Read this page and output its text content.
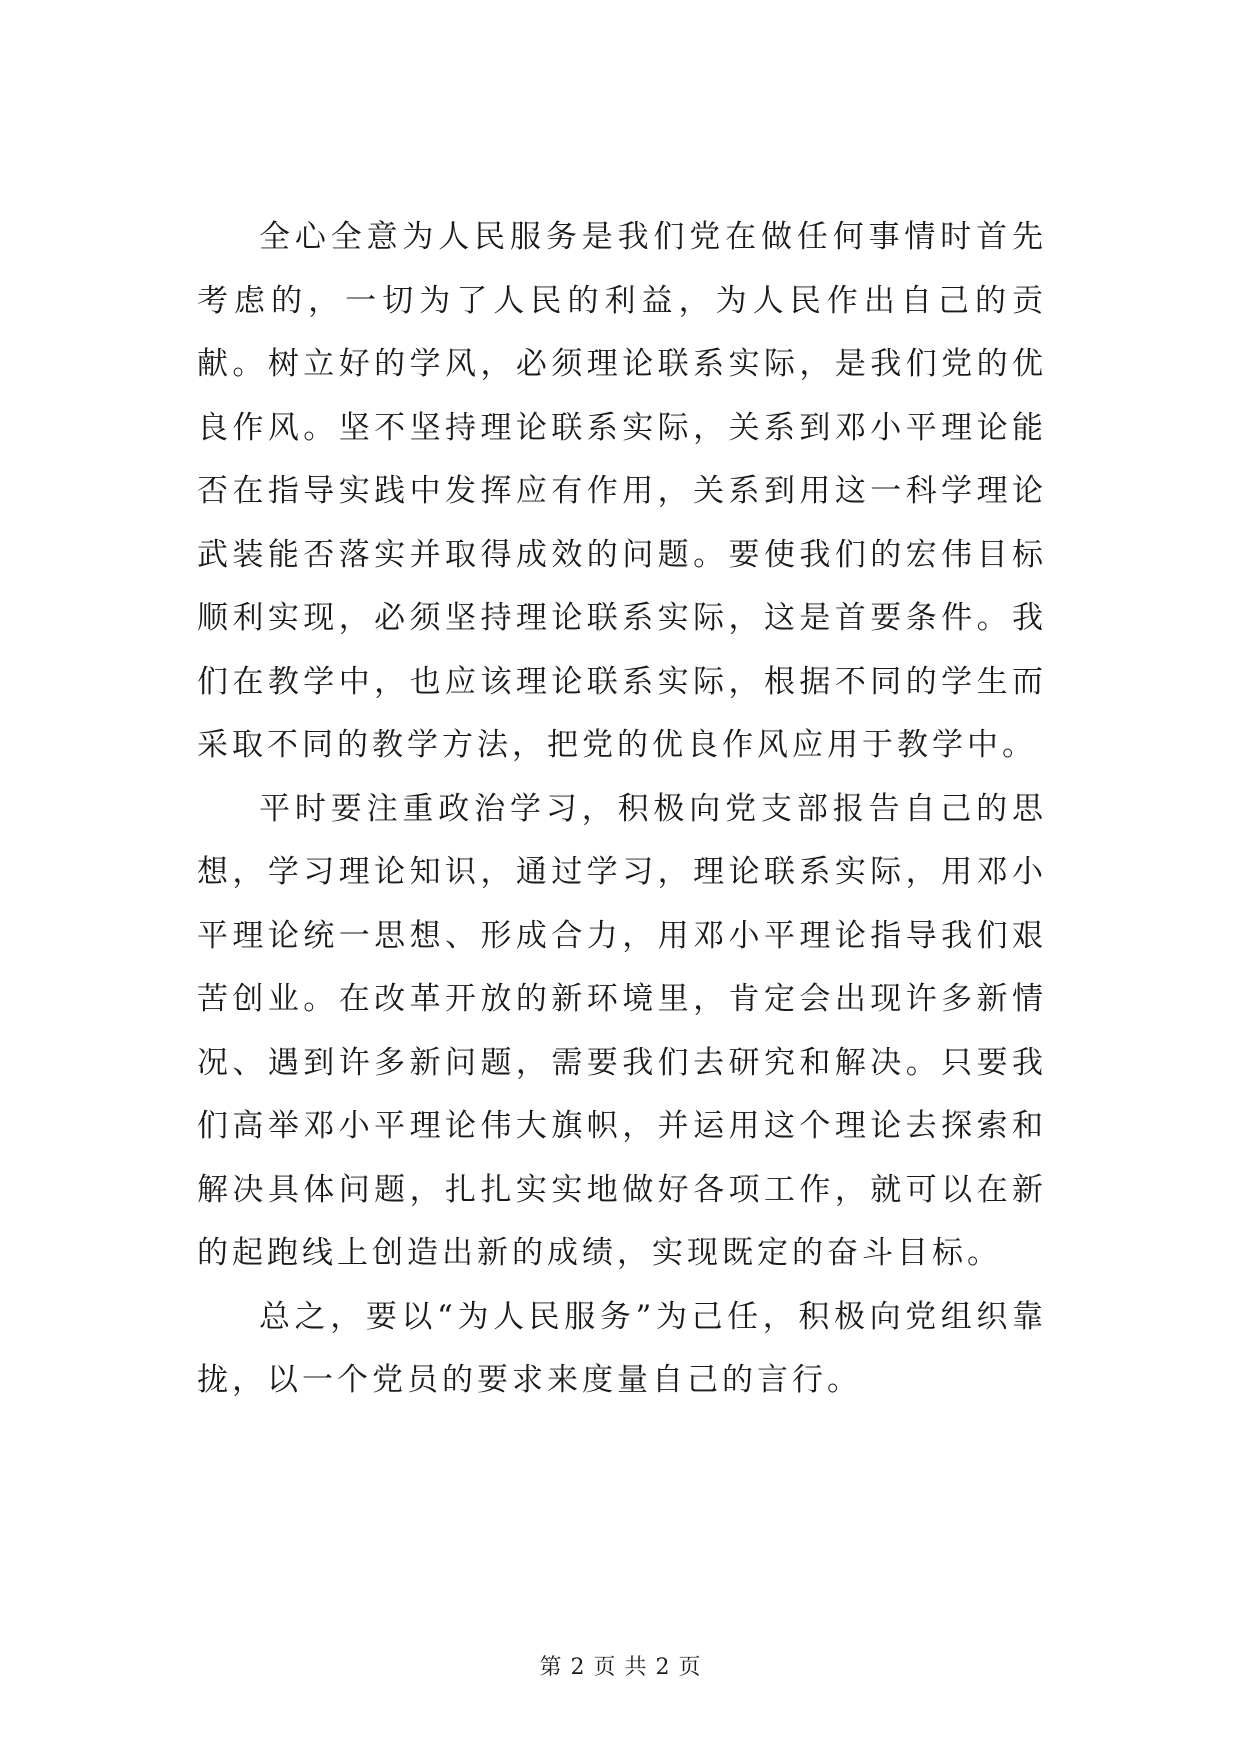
全心全意为人民服务是我们党在做任何事情时首先考虑的，一切为了人民的利益，为人民作出自己的贡献。树立好的学风，必须理论联系实际，是我们党的优良作风。坚不坚持理论联系实际，关系到邓小平理论能否在指导实践中发挥应有作用，关系到用这一科学理论武装能否落实并取得成效的问题。要使我们的宏伟目标顺利实现，必须坚持理论联系实际，这是首要条件。我们在教学中，也应该理论联系实际，根据不同的学生而采取不同的教学方法，把党的优良作风应用于教学中。

平时要注重政治学习，积极向党支部报告自己的思想，学习理论知识，通过学习，理论联系实际，用邓小平理论统一思想、形成合力，用邓小平理论指导我们艰苦创业。在改革开放的新环境里，肯定会出现许多新情况、遇到许多新问题，需要我们去研究和解决。只要我们高举邓小平理论伟大旗帜，并运用这个理论去探索和解决具体问题，扎扎实实地做好各项工作，就可以在新的起跑线上创造出新的成绩，实现既定的奋斗目标。

总之，要以“为人民服务”为己任，积极向党组织靠拢，以一个党员的要求来度量自己的言行。

第 2 页 共 2 页
